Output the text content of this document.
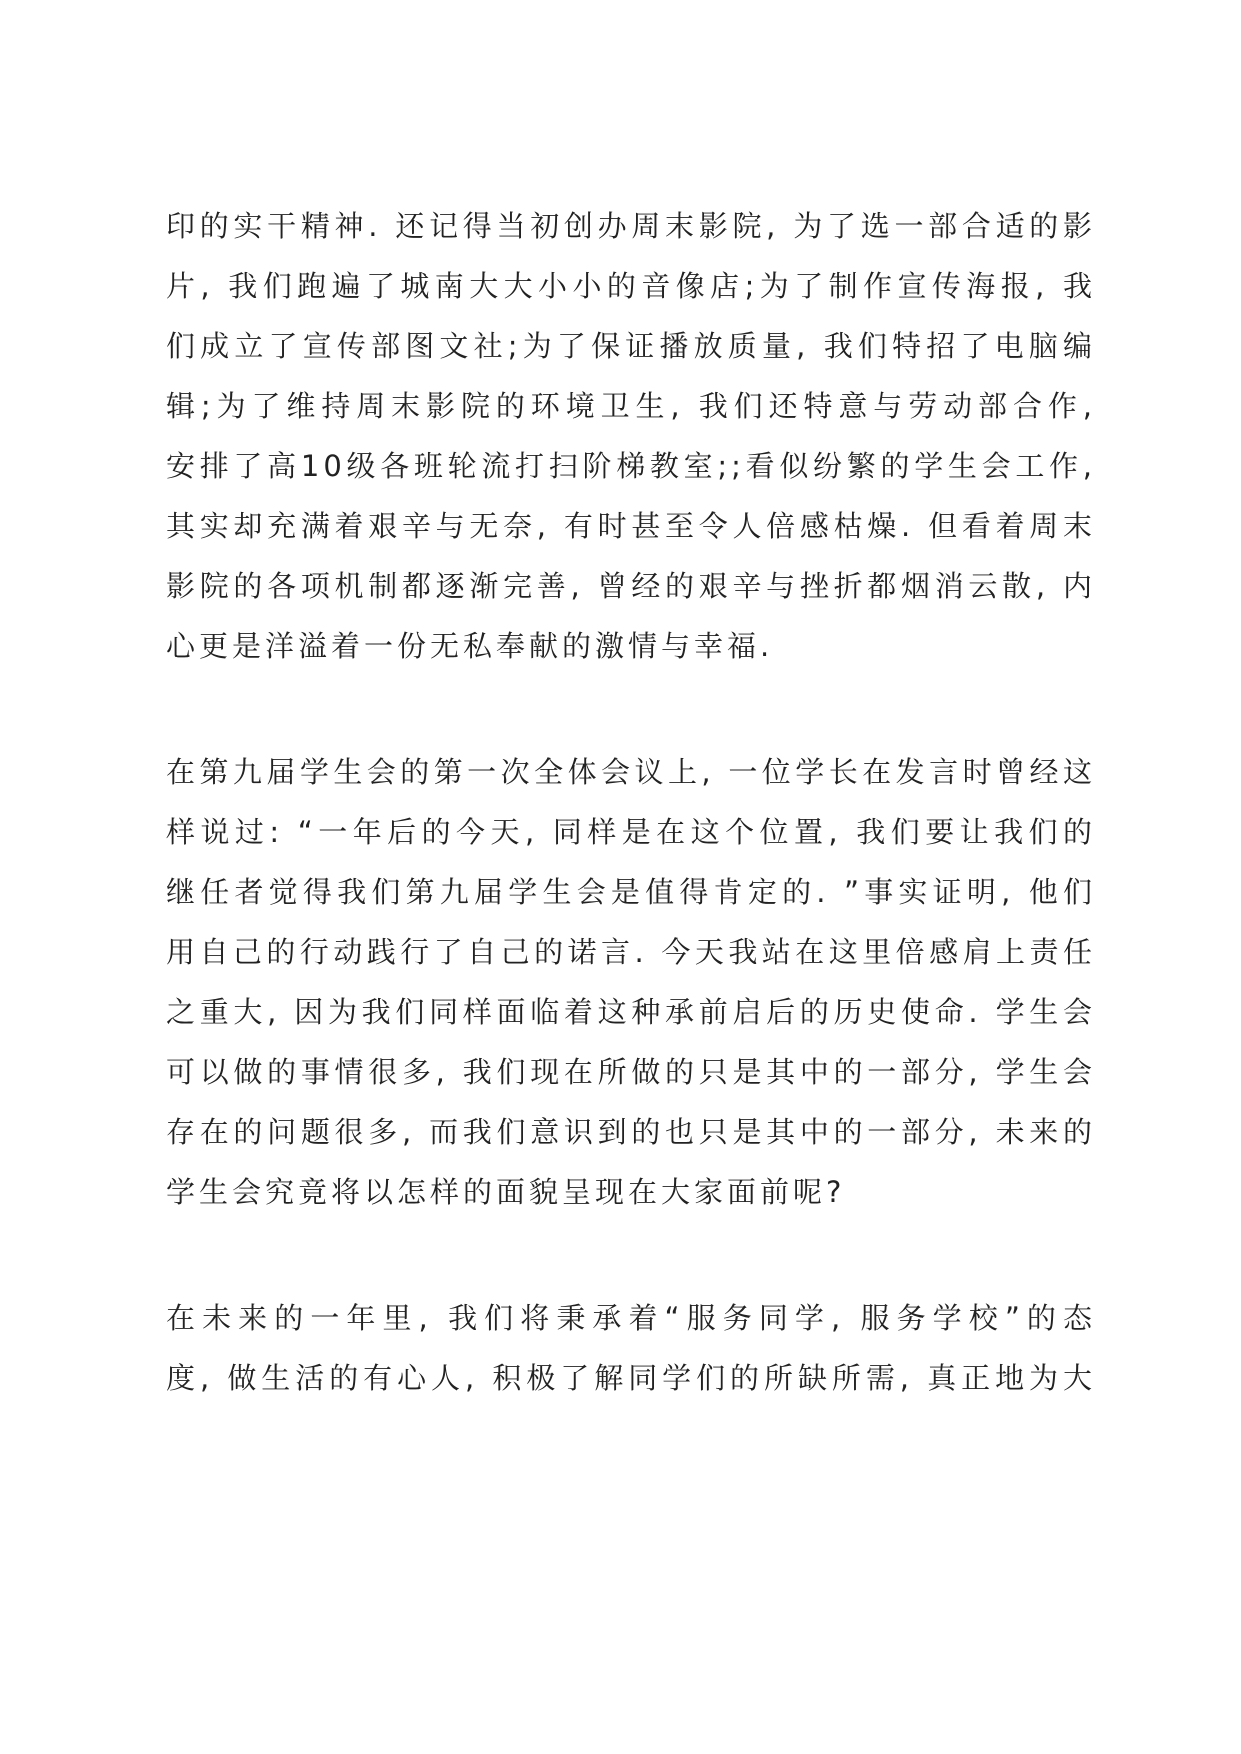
印的实干精神. 还记得当初创办周末影院, 为了选一部合适的影

片, 我们跑遍了城南大大小小的音像店;为了制作宣传海报, 我

们成立了宣传部图文社;为了保证播放质量, 我们特招了电脑编

辑;为了维持周末影院的环境卫生, 我们还特意与劳动部合作,

安排了高10级各班轮流打扫阶梯教室;;看似纷繁的学生会工作,

其实却充满着艰辛与无奈, 有时甚至令人倍感枯燥. 但看着周末

影院的各项机制都逐渐完善, 曾经的艰辛与挫折都烟消云散, 内

心更是洋溢着一份无私奉献的激情与幸福.

在第九届学生会的第一次全体会议上, 一位学长在发言时曾经这

样说过: “一年后的今天, 同样是在这个位置, 我们要让我们的

继任者觉得我们第九届学生会是值得肯定的. ”事实证明, 他们

用自己的行动践行了自己的诺言. 今天我站在这里倍感肩上责任

之重大, 因为我们同样面临着这种承前启后的历史使命. 学生会

可以做的事情很多, 我们现在所做的只是其中的一部分, 学生会

存在的问题很多, 而我们意识到的也只是其中的一部分, 未来的

学生会究竟将以怎样的面貌呈现在大家面前呢?

在未来的一年里, 我们将秉承着“服务同学, 服务学校”的态

度, 做生活的有心人, 积极了解同学们的所缺所需, 真正地为大
